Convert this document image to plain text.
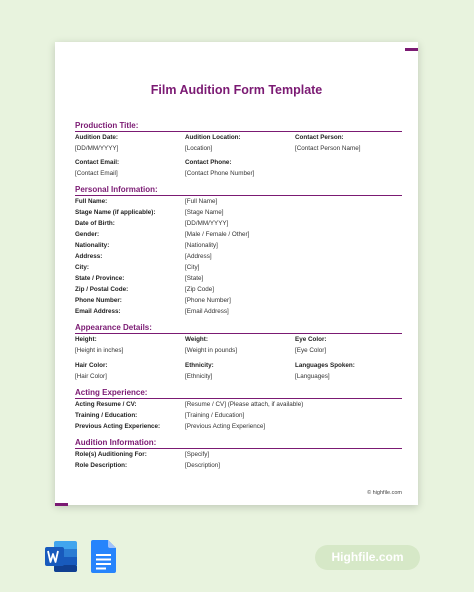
Film Audition Form Template
Production Title:
Audition Date:
[DD/MM/YYYY]
Audition Location:
[Location]
Contact Person:
[Contact Person Name]
Contact Email:
[Contact Email]
Contact Phone:
[Contact Phone Number]
Personal Information:
Full Name:	[Full Name]
Stage Name (if applicable):	[Stage Name]
Date of Birth:	[DD/MM/YYYY]
Gender:	[Male / Female / Other]
Nationality:	[Nationality]
Address:	[Address]
City:	[City]
State / Province:	[State]
Zip / Postal Code:	[Zip Code]
Phone Number:	[Phone Number]
Email Address:	[Email Address]
Appearance Details:
Height:
[Height in inches]
Weight:
[Weight in pounds]
Eye Color:
[Eye Color]
Hair Color:
[Hair Color]
Ethnicity:
[Ethnicity]
Languages Spoken:
[Languages]
Acting Experience:
Acting Resume / CV:	[Resume / CV] (Please attach, if available)
Training / Education:	[Training / Education]
Previous Acting Experience:	[Previous Acting Experience]
Audition Information:
Role(s) Auditioning For:	[Specify]
Role Description:	[Description]
© highfile.com
Highfile.com
